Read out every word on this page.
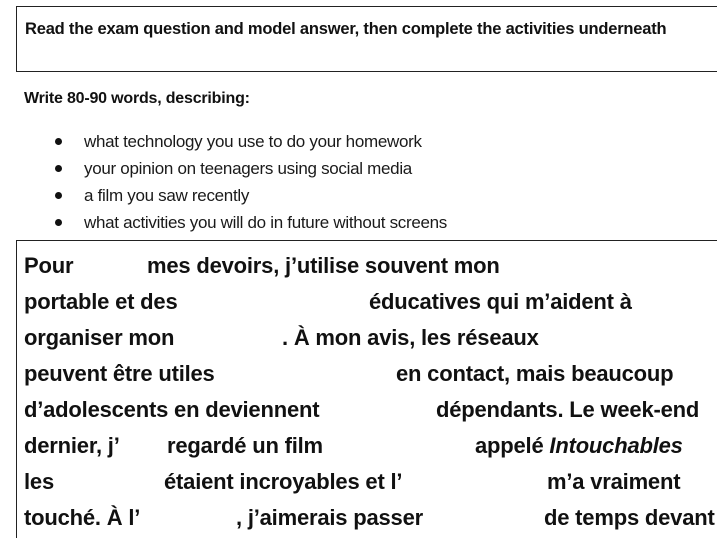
Read the exam question and model answer, then complete the activities underneath
Write 80-90 words, describing:
what technology you use to do your homework
your opinion on teenagers using social media
a film you saw recently
what activities you will do in future without screens
Pour	mes devoirs, j’utilise souvent mon
portable et des	éducatives qui m’aident à
organiser mon	. À mon avis, les réseaux
peuvent être utiles	en contact, mais beaucoup
d’adolescents en deviennent	dépendants. Le week-end
dernier, j’ regardé un film	appelé Intouchables
les	étaient incroyables et l’	m’a vraiment
touché. À l’	, j’aimerais passer	de temps devant
